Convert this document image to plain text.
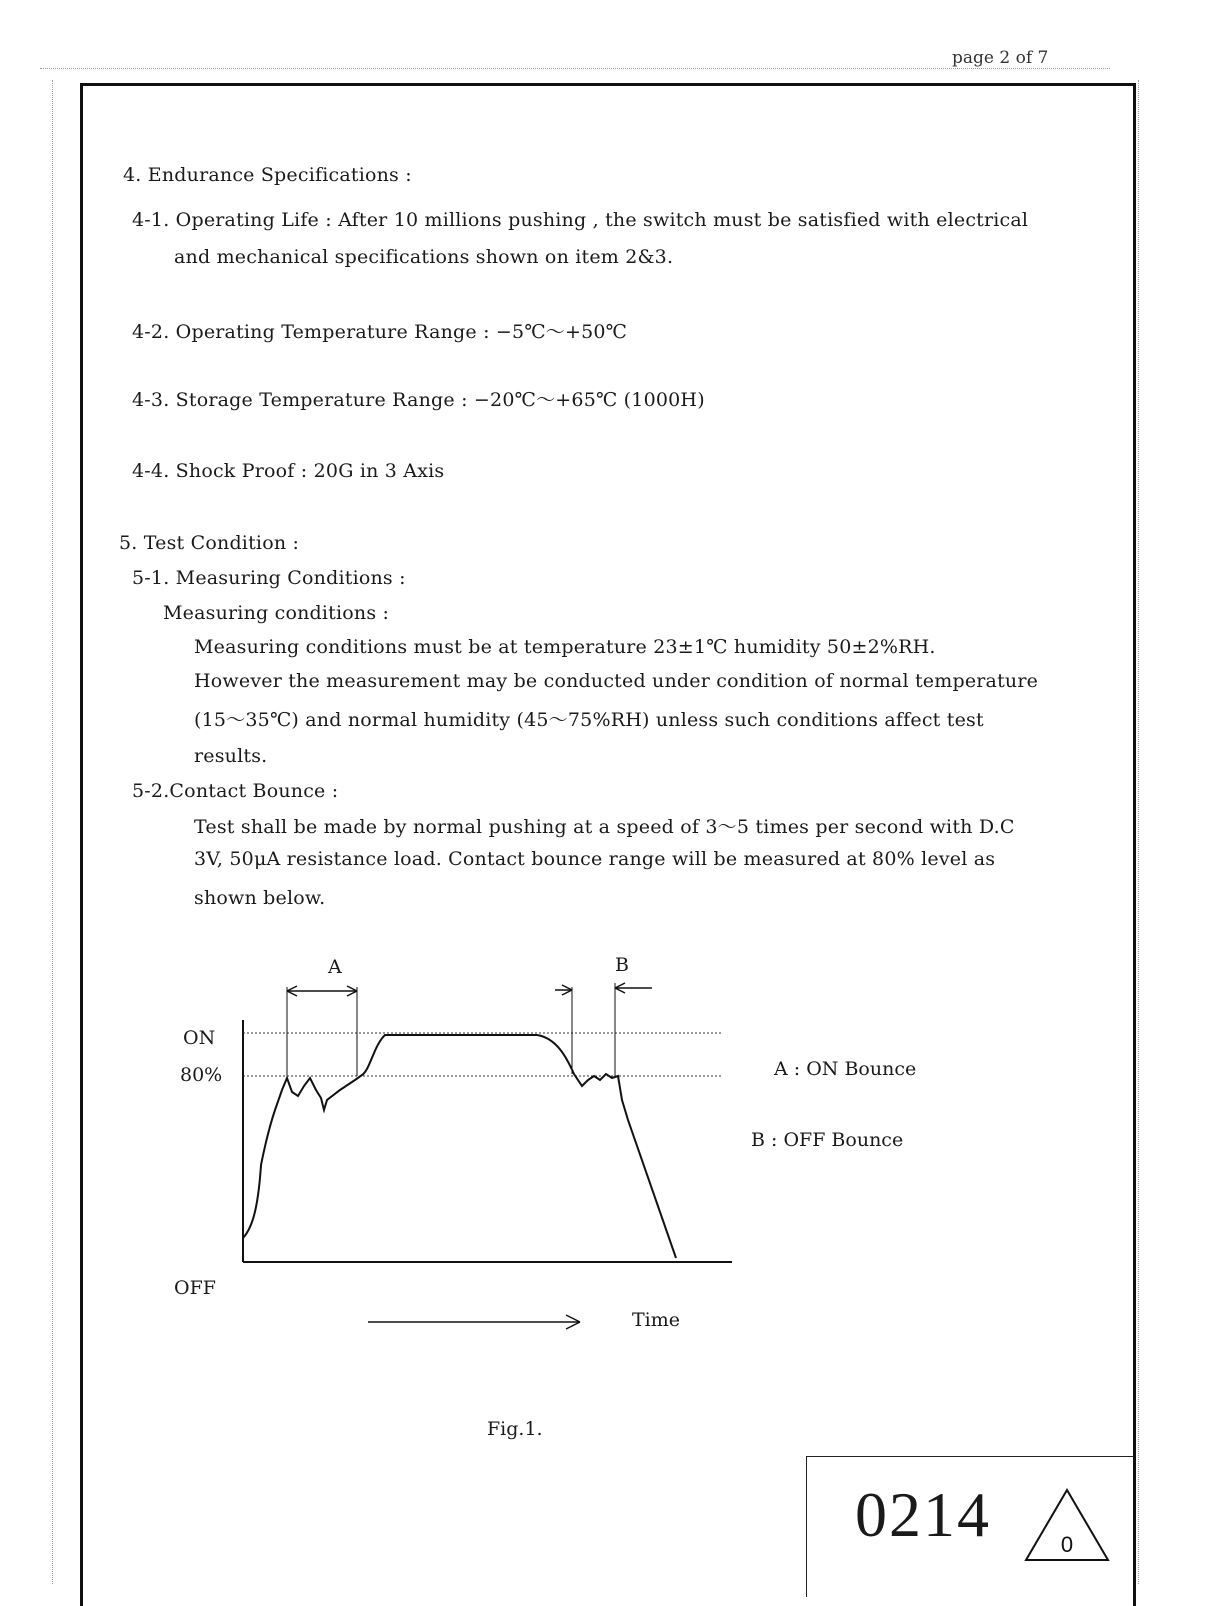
page 2 of 7
4. Endurance Specifications :
4-1. Operating Life : After 10 millions pushing , the switch must be satisfied with electrical
and mechanical specifications shown on item 2&3.
4-2. Operating Temperature Range : −5℃～+50℃
4-3. Storage Temperature Range : −20℃～+65℃ (1000H)
4-4. Shock Proof : 20G in 3 Axis
5. Test Condition :
5-1. Measuring Conditions :
Measuring conditions :
Measuring conditions must be at temperature 23±1℃ humidity 50±2%RH.
However the measurement may be conducted under condition of normal temperature
(15～35℃) and normal humidity (45～75%RH) unless such conditions affect test
results.
5-2.Contact Bounce :
Test shall be made by normal pushing at a speed of 3～5 times per second with D.C
3V, 50μA resistance load. Contact bounce range will be measured at 80% level as
shown below.
A	B
ON
80%
OFF
A : ON Bounce
B : OFF Bounce
Time
Fig.1.
0214	0
